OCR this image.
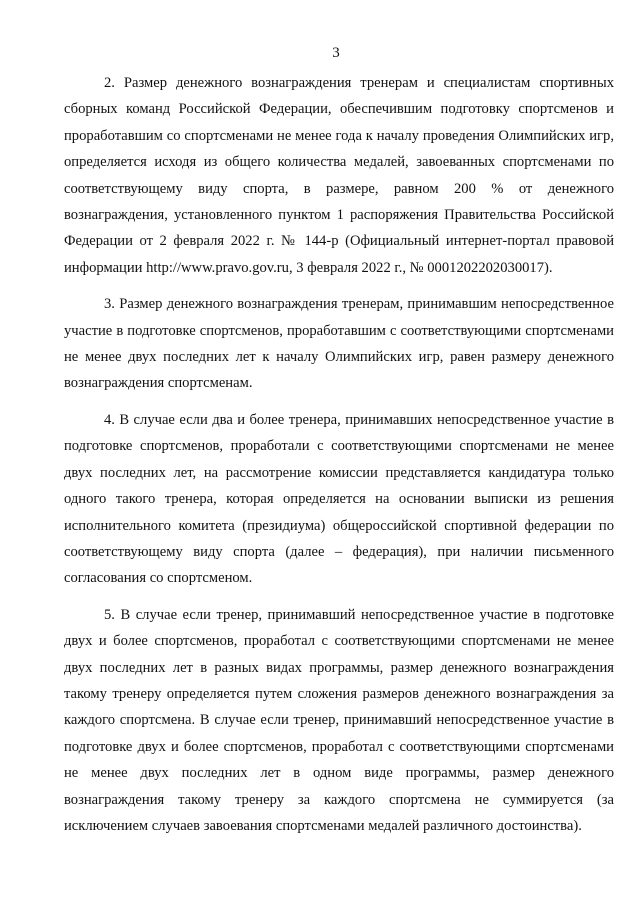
3

2. Размер денежного вознаграждения тренерам и специалистам спортивных сборных команд Российской Федерации, обеспечившим подготовку спортсменов и проработавшим со спортсменами не менее года к началу проведения Олимпийских игр, определяется исходя из общего количества медалей, завоеванных спортсменами по соответствующему виду спорта, в размере, равном 200 % от денежного вознаграждения, установленного пунктом 1 распоряжения Правительства Российской Федерации от 2 февраля 2022 г. № 144-р (Официальный интернет-портал правовой информации http://www.pravo.gov.ru, 3 февраля 2022 г., № 0001202202030017).

3. Размер денежного вознаграждения тренерам, принимавшим непосредственное участие в подготовке спортсменов, проработавшим с соответствующими спортсменами не менее двух последних лет к началу Олимпийских игр, равен размеру денежного вознаграждения спортсменам.

4. В случае если два и более тренера, принимавших непосредственное участие в подготовке спортсменов, проработали с соответствующими спортсменами не менее двух последних лет, на рассмотрение комиссии представляется кандидатура только одного такого тренера, которая определяется на основании выписки из решения исполнительного комитета (президиума) общероссийской спортивной федерации по соответствующему виду спорта (далее – федерация), при наличии письменного согласования со спортсменом.

5. В случае если тренер, принимавший непосредственное участие в подготовке двух и более спортсменов, проработал с соответствующими спортсменами не менее двух последних лет в разных видах программы, размер денежного вознаграждения такому тренеру определяется путем сложения размеров денежного вознаграждения за каждого спортсмена. В случае если тренер, принимавший непосредственное участие в подготовке двух и более спортсменов, проработал с соответствующими спортсменами не менее двух последних лет в одном виде программы, размер денежного вознаграждения такому тренеру за каждого спортсмена не суммируется (за исключением случаев завоевания спортсменами медалей различного достоинства).
